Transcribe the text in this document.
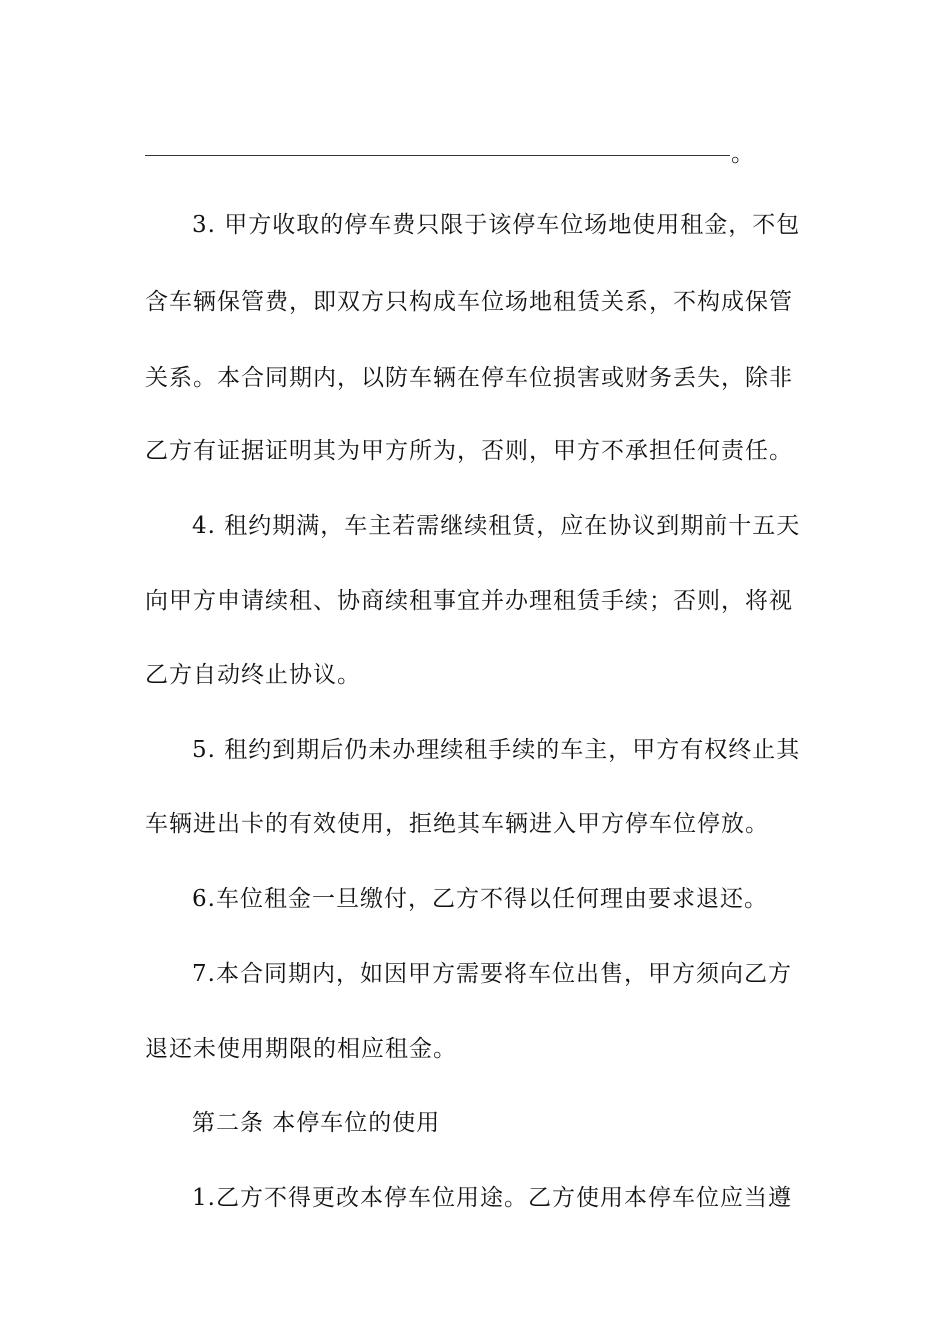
。
3. 甲方收取的停车费只限于该停车位场地使用租金，不包
含车辆保管费，即双方只构成车位场地租赁关系，不构成保管
关系。本合同期内，以防车辆在停车位损害或财务丢失，除非
乙方有证据证明其为甲方所为，否则，甲方不承担任何责任。
4. 租约期满，车主若需继续租赁，应在协议到期前十五天
向甲方申请续租、协商续租事宜并办理租赁手续；否则，将视
乙方自动终止协议。
5. 租约到期后仍未办理续租手续的车主，甲方有权终止其
车辆进出卡的有效使用，拒绝其车辆进入甲方停车位停放。
6.车位租金一旦缴付，乙方不得以任何理由要求退还。
7.本合同期内，如因甲方需要将车位出售，甲方须向乙方
退还未使用期限的相应租金。
第二条 本停车位的使用
1.乙方不得更改本停车位用途。乙方使用本停车位应当遵
